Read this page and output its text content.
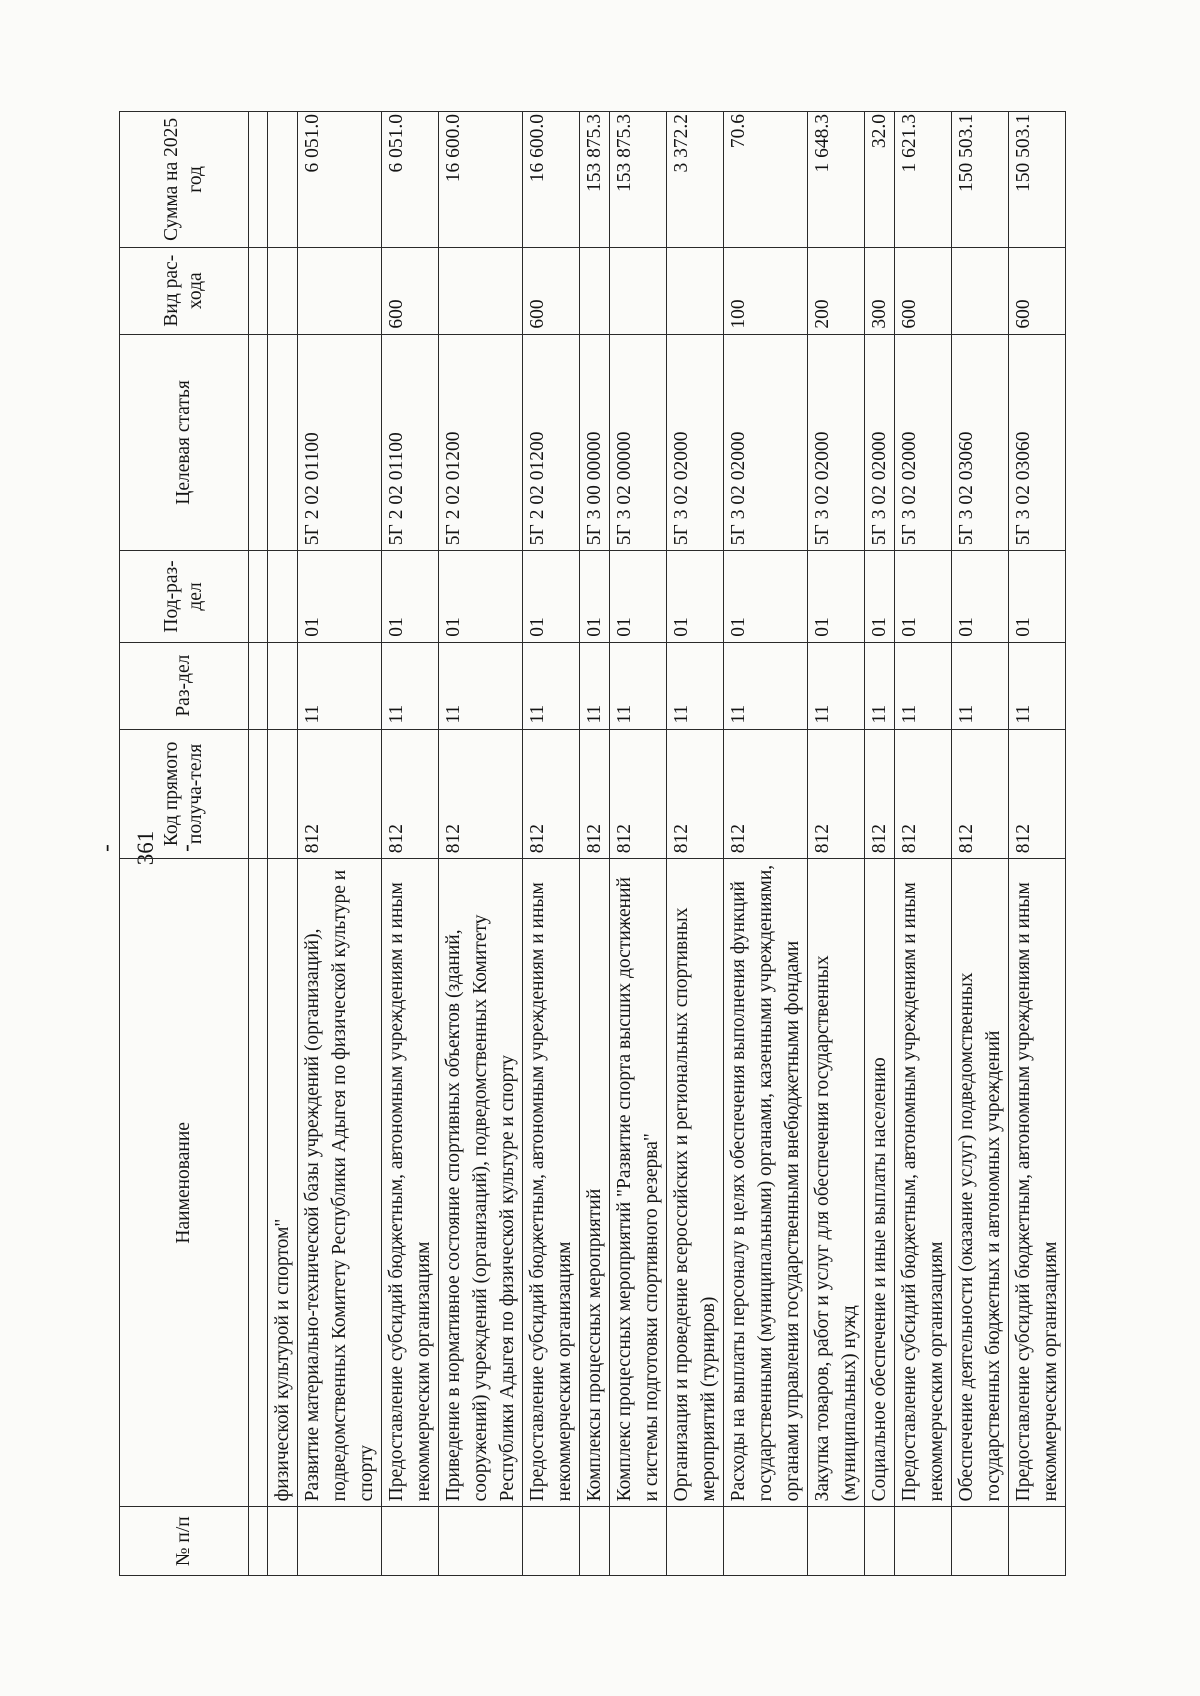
- 361 -
№ п/п	Наименование	Код прямого получа-теля	Раз-дел	Под-раз-дел	Целевая статья	Вид рас-хода	Сумма на 2025 год

	физической культурой и спортом"						
	Развитие материально-технической базы учреждений (организаций), подведомственных Комитету Республики Адыгея по физической культуре и спорту	812	11	01	5Г 2 02 01100		6 051.0
	Предоставление субсидий бюджетным, автономным учреждениям и иным некоммерческим организациям	812	11	01	5Г 2 02 01100	600	6 051.0
	Приведение в нормативное состояние спортивных объектов (зданий, сооружений) учреждений (организаций), подведомственных Комитету Республики Адыгея по физической культуре и спорту	812	11	01	5Г 2 02 01200		16 600.0
	Предоставление субсидий бюджетным, автономным учреждениям и иным некоммерческим организациям	812	11	01	5Г 2 02 01200	600	16 600.0
	Комплексы процессных мероприятий	812	11	01	5Г 3 00 00000		153 875.3
	Комплекс процессных мероприятий "Развитие спорта высших достижений и системы подготовки спортивного резерва"	812	11	01	5Г 3 02 00000		153 875.3
	Организация и проведение всероссийских и региональных спортивных мероприятий (турниров)	812	11	01	5Г 3 02 02000		3 372.2
	Расходы на выплаты персоналу в целях обеспечения выполнения функций государственными (муниципальными) органами, казенными учреждениями, органами управления государственными внебюджетными фондами	812	11	01	5Г 3 02 02000	100	70.6
	Закупка товаров, работ и услуг для обеспечения государственных (муниципальных) нужд	812	11	01	5Г 3 02 02000	200	1 648.3
	Социальное обеспечение и иные выплаты населению	812	11	01	5Г 3 02 02000	300	32.0
	Предоставление субсидий бюджетным, автономным учреждениям и иным некоммерческим организациям	812	11	01	5Г 3 02 02000	600	1 621.3
	Обеспечение деятельности (оказание услуг) подведомственных государственных бюджетных и автономных учреждений	812	11	01	5Г 3 02 03060		150 503.1
	Предоставление субсидий бюджетным, автономным учреждениям и иным некоммерческим организациям	812	11	01	5Г 3 02 03060	600	150 503.1
